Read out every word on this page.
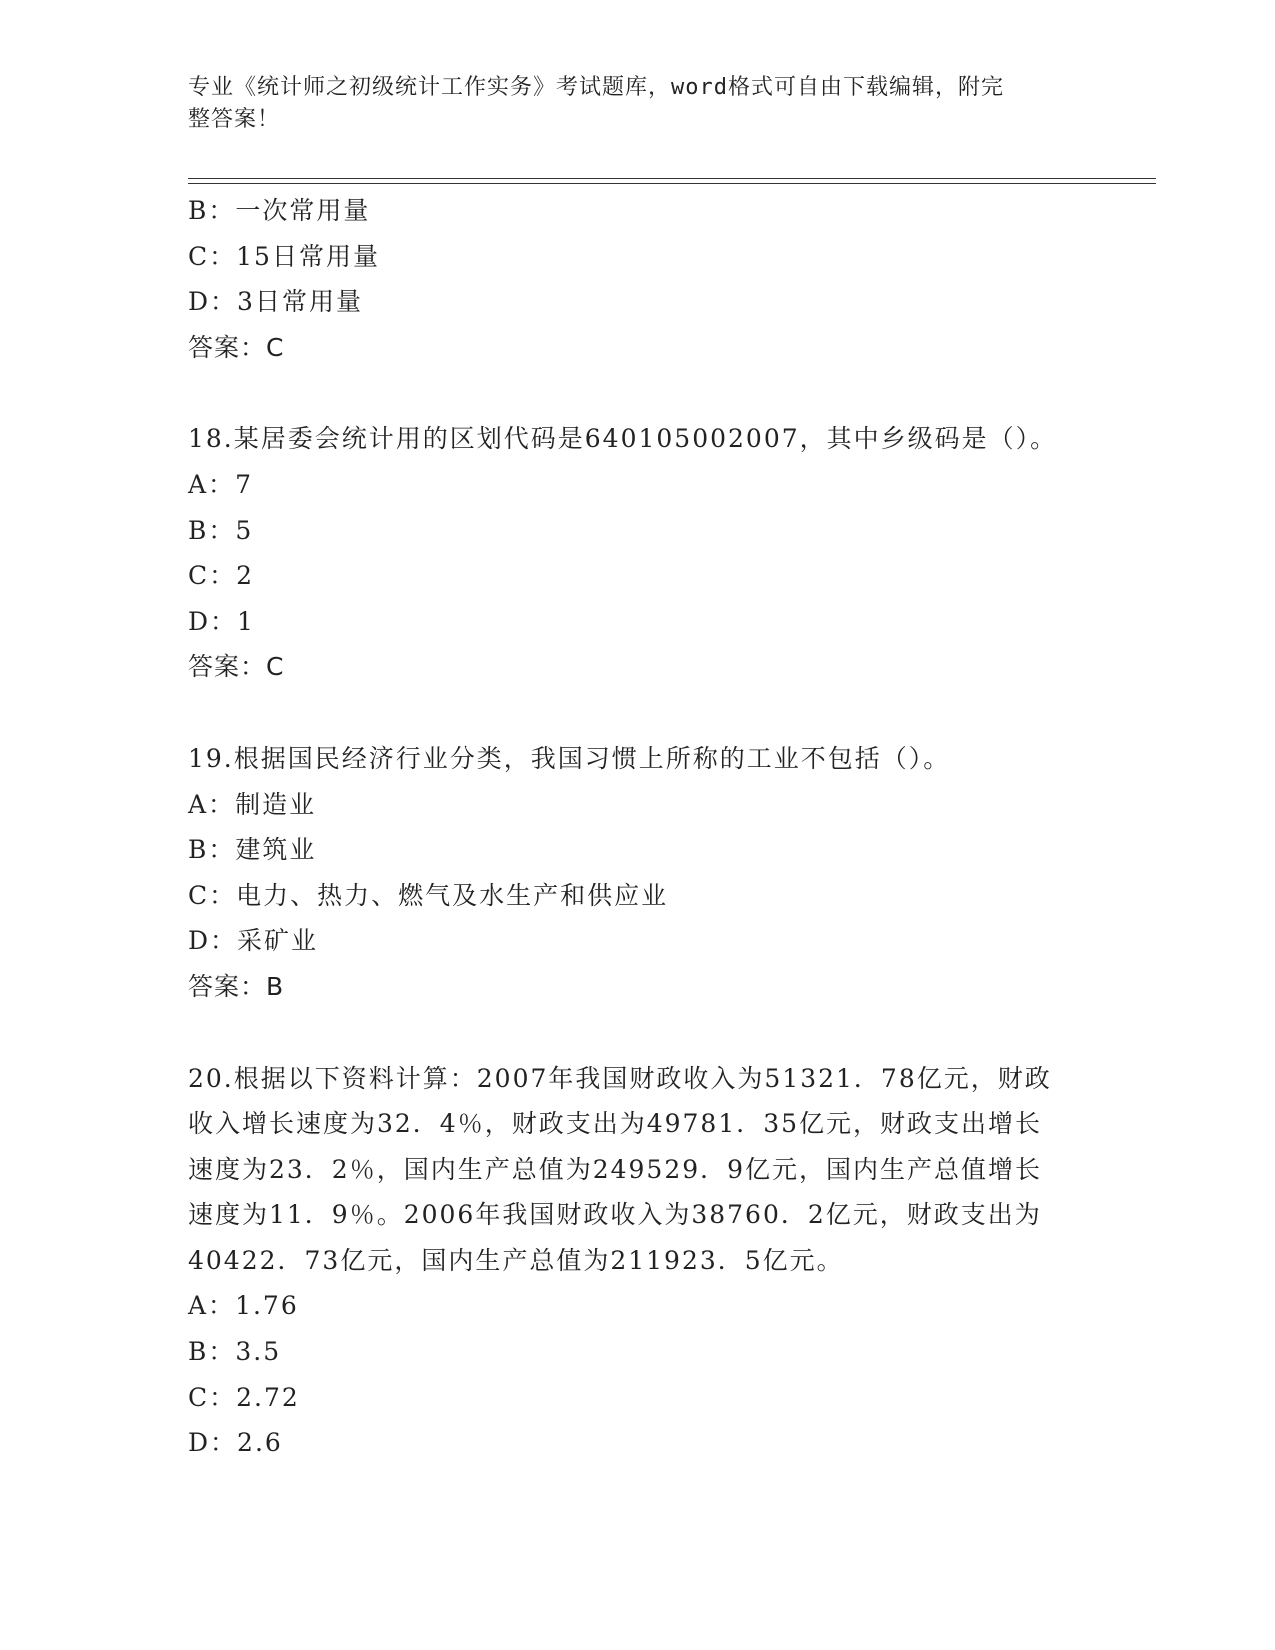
专业《统计师之初级统计工作实务》考试题库，word格式可自由下载编辑，附完
整答案！
B：一次常用量
C：15日常用量
D：3日常用量
答案：C
18.某居委会统计用的区划代码是640105002007，其中乡级码是（）。
A：7
B：5
C：2
D：1
答案：C
19.根据国民经济行业分类，我国习惯上所称的工业不包括（）。
A：制造业
B：建筑业
C：电力、热力、燃气及水生产和供应业
D：采矿业
答案：B
20.根据以下资料计算：2007年我国财政收入为51321．78亿元，财政
收入增长速度为32．4％，财政支出为49781．35亿元，财政支出增长
速度为23．2％，国内生产总值为249529．9亿元，国内生产总值增长
速度为11．9％。2006年我国财政收入为38760．2亿元，财政支出为
40422．73亿元，国内生产总值为211923．5亿元。
A：1.76
B：3.5
C：2.72
D：2.6
